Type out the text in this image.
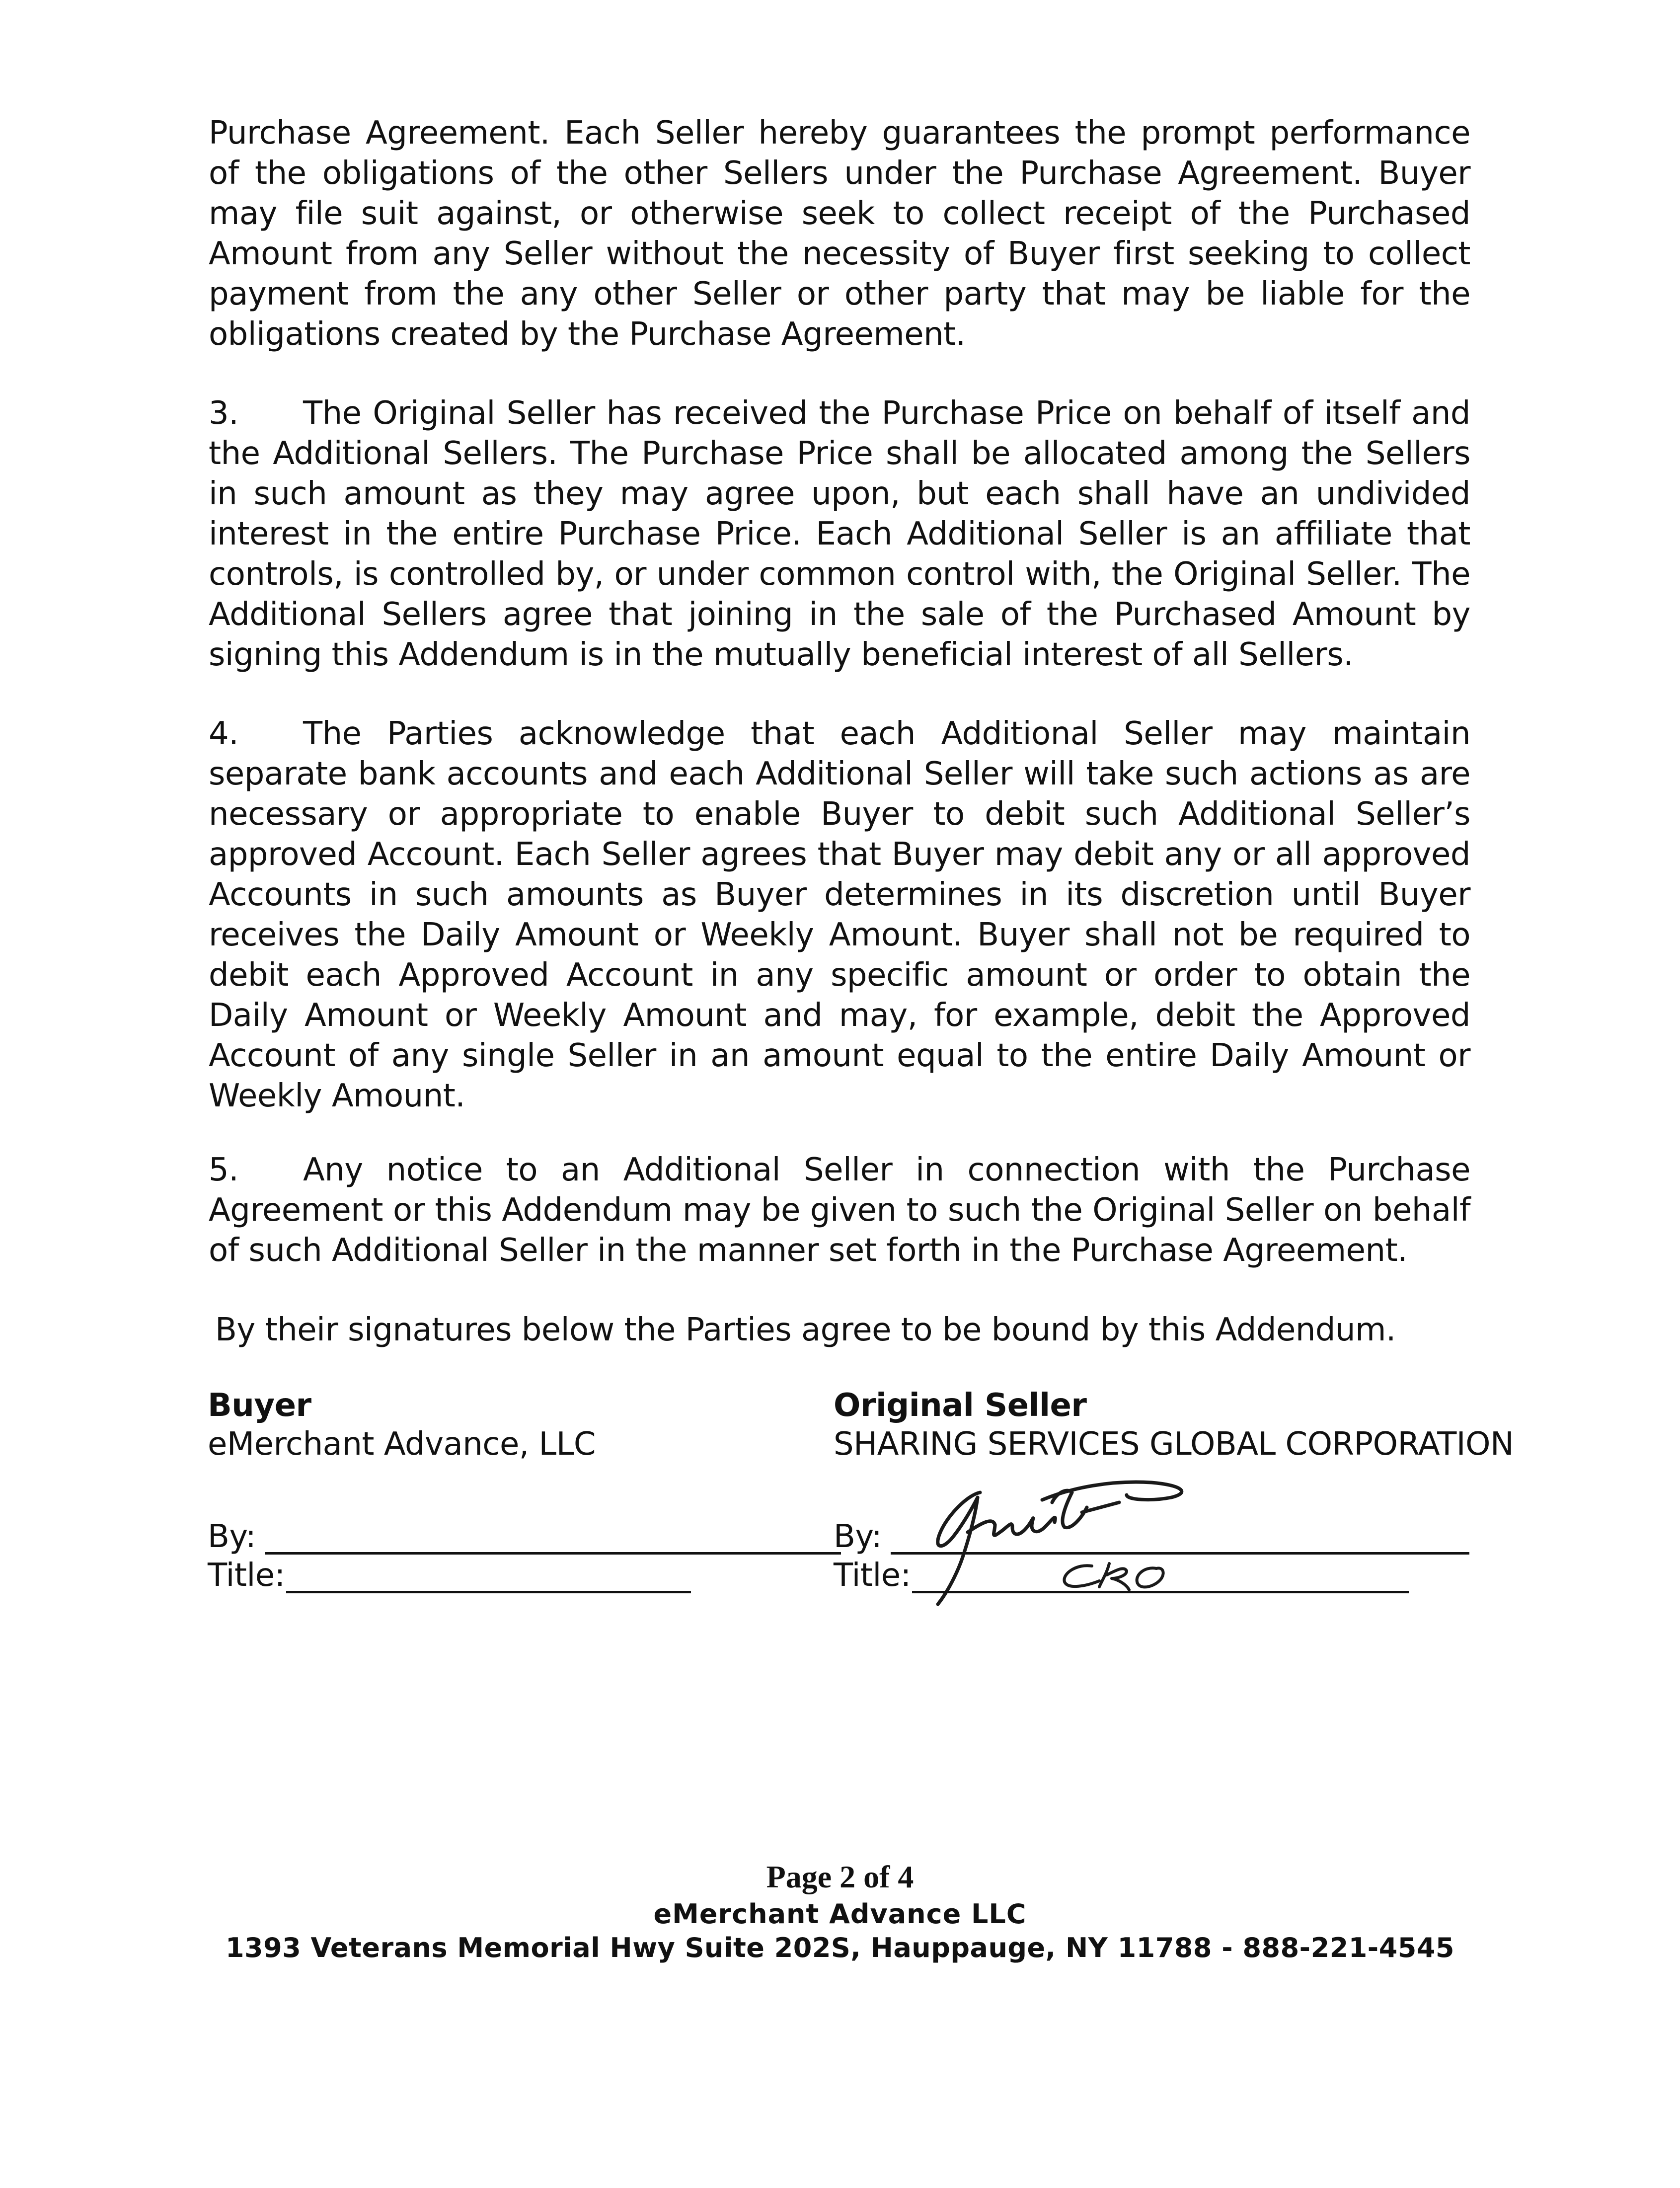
Purchase Agreement. Each Seller hereby guarantees the prompt performance of the obligations of the other Sellers under the Purchase Agreement. Buyer may file suit against, or otherwise seek to collect receipt of the Purchased Amount from any Seller without the necessity of Buyer first seeking to collect payment from the any other Seller or other party that may be liable for the obligations created by the Purchase Agreement.

3. The Original Seller has received the Purchase Price on behalf of itself and the Additional Sellers. The Purchase Price shall be allocated among the Sellers in such amount as they may agree upon, but each shall have an undivided interest in the entire Purchase Price. Each Additional Seller is an affiliate that controls, is controlled by, or under common control with, the Original Seller. The Additional Sellers agree that joining in the sale of the Purchased Amount by signing this Addendum is in the mutually beneficial interest of all Sellers.

4. The Parties acknowledge that each Additional Seller may maintain separate bank accounts and each Additional Seller will take such actions as are necessary or appropriate to enable Buyer to debit such Additional Seller’s approved Account. Each Seller agrees that Buyer may debit any or all approved Accounts in such amounts as Buyer determines in its discretion until Buyer receives the Daily Amount or Weekly Amount. Buyer shall not be required to debit each Approved Account in any specific amount or order to obtain the Daily Amount or Weekly Amount and may, for example, debit the Approved Account of any single Seller in an amount equal to the entire Daily Amount or Weekly Amount.

5. Any notice to an Additional Seller in connection with the Purchase Agreement or this Addendum may be given to such the Original Seller on behalf of such Additional Seller in the manner set forth in the Purchase Agreement.

By their signatures below the Parties agree to be bound by this Addendum.
Buyer
eMerchant Advance, LLC
By:
Title:
Original Seller
SHARING SERVICES GLOBAL CORPORATION
By:
Title:
Page 2 of 4
eMerchant Advance LLC
1393 Veterans Memorial Hwy Suite 202S, Hauppauge, NY 11788 - 888-221-4545
